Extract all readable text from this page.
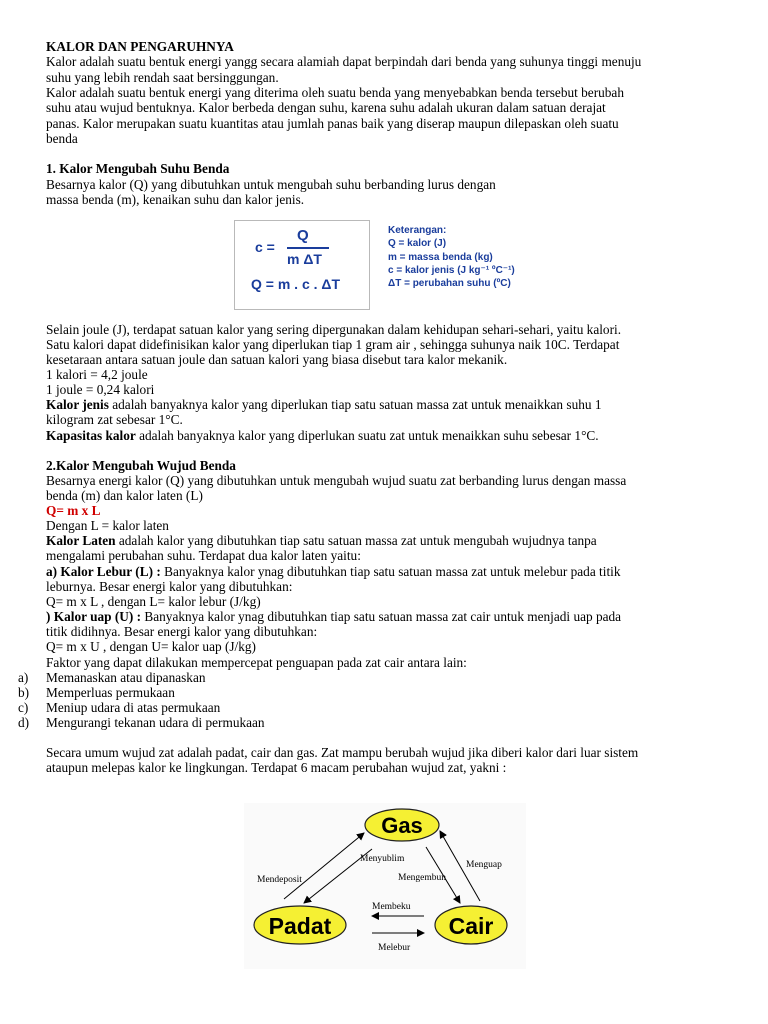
KALOR DAN PENGARUHNYA
Kalor adalah suatu bentuk energi yangg secara alamiah dapat berpindah dari benda yang suhunya tinggi menuju
suhu yang lebih rendah saat bersinggungan.
Kalor adalah suatu bentuk energi yang diterima oleh suatu benda yang menyebabkan benda tersebut berubah
suhu atau wujud bentuknya. Kalor berbeda dengan suhu, karena suhu adalah ukuran dalam satuan derajat
panas. Kalor merupakan suatu kuantitas atau jumlah panas baik yang diserap maupun dilepaskan oleh suatu
benda
1. Kalor Mengubah Suhu Benda
Besarnya kalor (Q) yang dibutuhkan untuk mengubah suhu berbanding lurus dengan
massa benda (m), kenaikan suhu dan kalor jenis.
c =
Q
m ΔT
Q = m . c . ΔT
Keterangan:
Q = kalor (J)
m = massa benda (kg)
c = kalor jenis (J kg⁻¹ ºC⁻¹)
ΔT = perubahan suhu (ºC)
Selain joule (J), terdapat satuan kalor yang sering dipergunakan dalam kehidupan sehari-sehari, yaitu kalori.
Satu kalori dapat didefinisikan kalor yang diperlukan tiap 1 gram air , sehingga suhunya naik 10C. Terdapat
kesetaraan antara satuan joule dan satuan kalori yang biasa disebut tara kalor mekanik.
1 kalori = 4,2 joule
1 joule = 0,24 kalori
Kalor jenis adalah banyaknya kalor yang diperlukan tiap satu satuan massa zat untuk menaikkan suhu 1
kilogram zat sebesar 1°C.
Kapasitas kalor adalah banyaknya kalor yang diperlukan suatu zat untuk menaikkan suhu sebesar 1°C.
2.Kalor Mengubah Wujud Benda
Besarnya energi kalor (Q) yang dibutuhkan untuk mengubah wujud suatu zat berbanding lurus dengan massa
benda (m) dan kalor laten (L)
Q= m x L
Dengan L = kalor laten
Kalor Laten adalah kalor yang dibutuhkan tiap satu satuan massa zat untuk mengubah wujudnya tanpa
mengalami perubahan suhu. Terdapat dua kalor laten yaitu:
a) Kalor Lebur (L) : Banyaknya kalor ynag dibutuhkan tiap satu satuan massa zat untuk melebur pada titik
leburnya. Besar energi kalor yang dibutuhkan:
Q= m x L , dengan L= kalor lebur (J/kg)
) Kalor uap (U) : Banyaknya kalor ynag dibutuhkan tiap satu satuan massa zat cair untuk menjadi uap pada
titik didihnya. Besar energi kalor yang dibutuhkan:
Q= m x U , dengan U= kalor uap (J/kg)
Faktor yang dapat dilakukan mempercepat penguapan pada zat cair antara lain:
a) Memanaskan atau dipanaskan
b) Memperluas permukaan
c) Meniup udara di atas permukaan
d) Mengurangi tekanan udara di permukaan
Secara umum wujud zat adalah padat, cair dan gas. Zat mampu berubah wujud jika diberi kalor dari luar sistem
ataupun melepas kalor ke lingkungan. Terdapat 6 macam perubahan wujud zat, yakni :
Gas
Padat	Cair
Menyublim
Menguap
Mendeposit	Mengembun
Membeku
Melebur
